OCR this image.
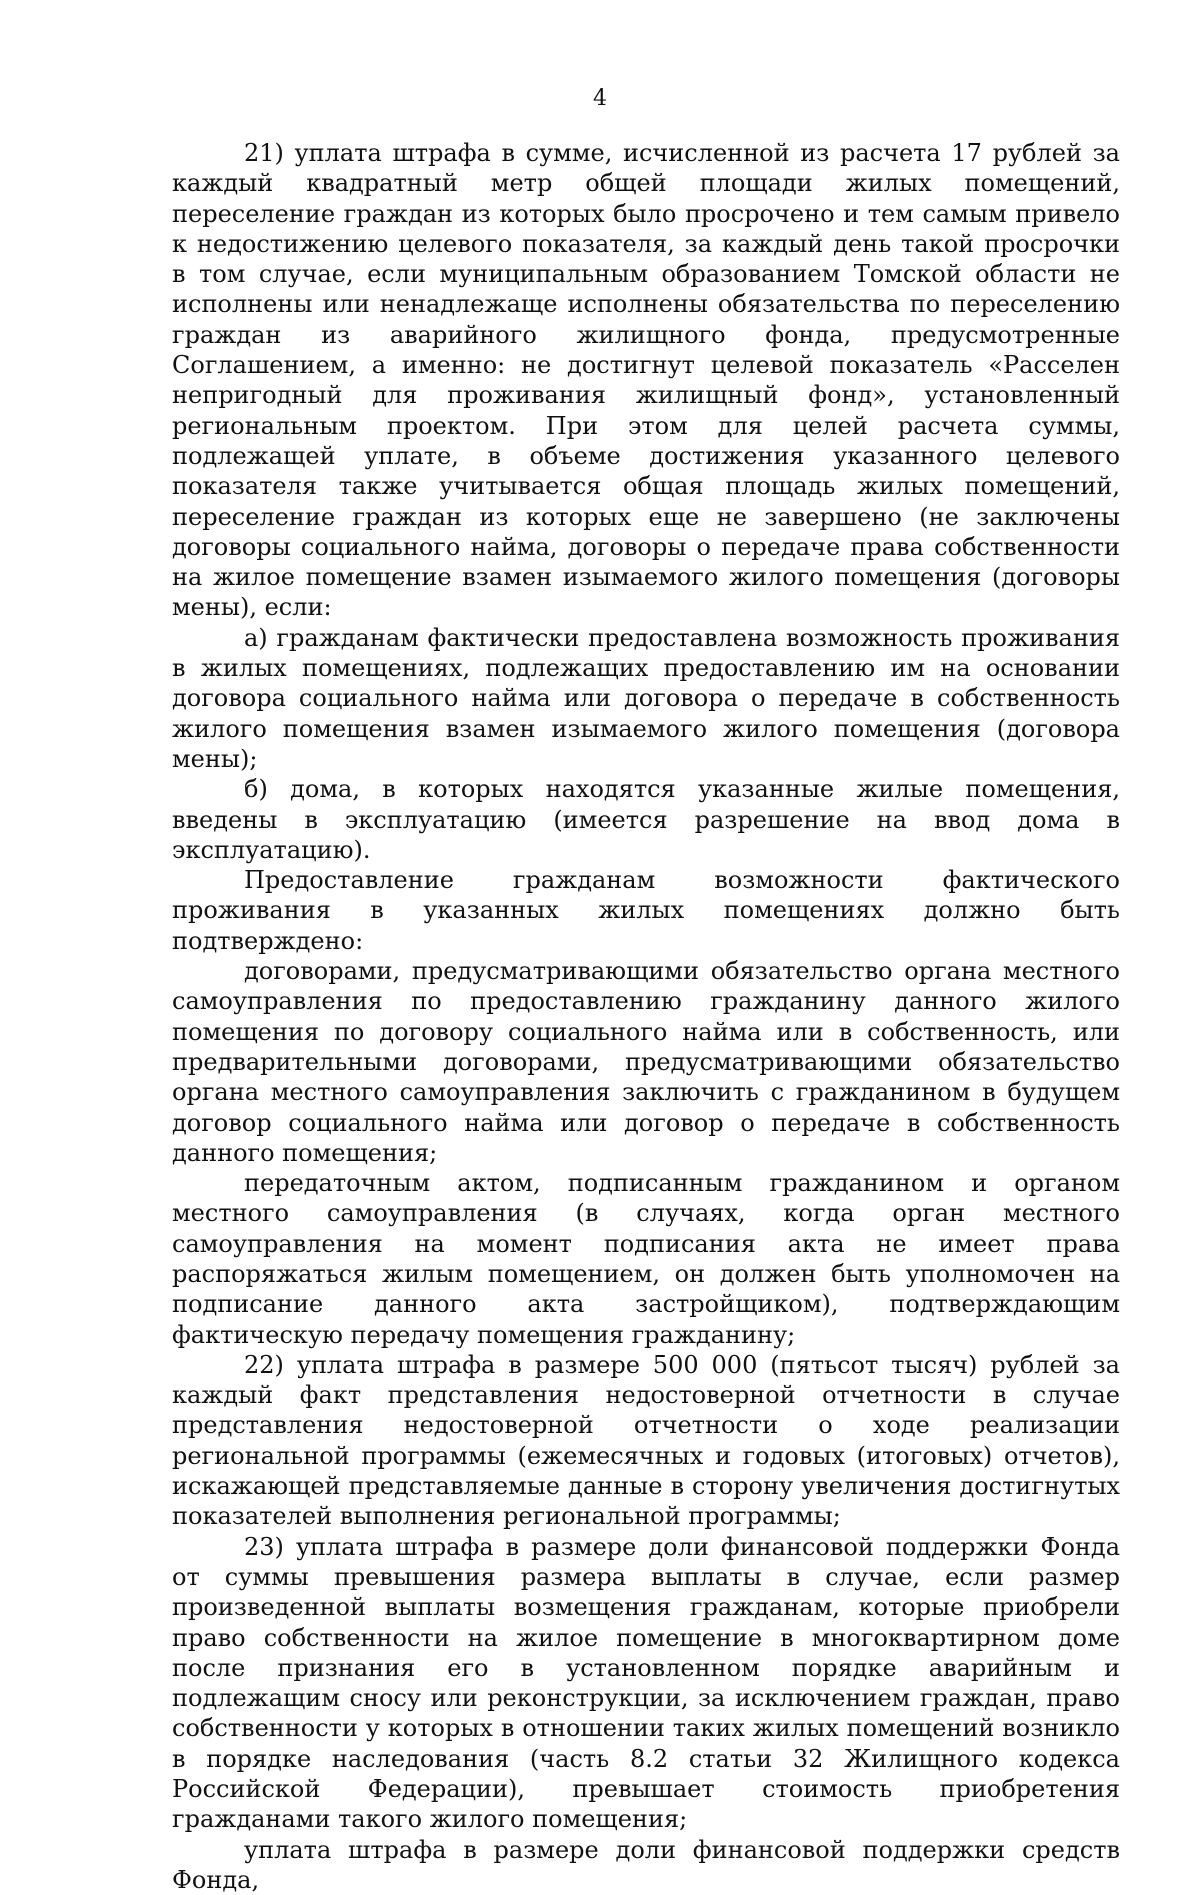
4

21) уплата штрафа в сумме, исчисленной из расчета 17 рублей за каждый квадратный метр общей площади жилых помещений, переселение граждан из которых было просрочено и тем самым привело к недостижению целевого показателя, за каждый день такой просрочки в том случае, если муниципальным образованием Томской области не исполнены или ненадлежаще исполнены обязательства по переселению граждан из аварийного жилищного фонда, предусмотренные Соглашением, а именно: не достигнут целевой показатель «Расселен непригодный для проживания жилищный фонд», установленный региональным проектом. При этом для целей расчета суммы, подлежащей уплате, в объеме достижения указанного целевого показателя также учитывается общая площадь жилых помещений, переселение граждан из которых еще не завершено (не заключены договоры социального найма, договоры о передаче права собственности на жилое помещение взамен изымаемого жилого помещения (договоры мены), если:

а) гражданам фактически предоставлена возможность проживания в жилых помещениях, подлежащих предоставлению им на основании договора социального найма или договора о передаче в собственность жилого помещения взамен изымаемого жилого помещения (договора мены);

б) дома, в которых находятся указанные жилые помещения, введены в эксплуатацию (имеется разрешение на ввод дома в эксплуатацию).

Предоставление гражданам возможности фактического проживания в указанных жилых помещениях должно быть подтверждено:

договорами, предусматривающими обязательство органа местного самоуправления по предоставлению гражданину данного жилого помещения по договору социального найма или в собственность, или предварительными договорами, предусматривающими обязательство органа местного самоуправления заключить с гражданином в будущем договор социального найма или договор о передаче в собственность данного помещения;

передаточным актом, подписанным гражданином и органом местного самоуправления (в случаях, когда орган местного самоуправления на момент подписания акта не имеет права распоряжаться жилым помещением, он должен быть уполномочен на подписание данного акта застройщиком), подтверждающим фактическую передачу помещения гражданину;

22) уплата штрафа в размере 500 000 (пятьсот тысяч) рублей за каждый факт представления недостоверной отчетности в случае представления недостоверной отчетности о ходе реализации региональной программы (ежемесячных и годовых (итоговых) отчетов), искажающей представляемые данные в сторону увеличения достигнутых показателей выполнения региональной программы;

23) уплата штрафа в размере доли финансовой поддержки Фонда от суммы превышения размера выплаты в случае, если размер произведенной выплаты возмещения гражданам, которые приобрели право собственности на жилое помещение в многоквартирном доме после признания его в установленном порядке аварийным и подлежащим сносу или реконструкции, за исключением граждан, право собственности у которых в отношении таких жилых помещений возникло в порядке наследования (часть 8.2 статьи 32 Жилищного кодекса Российской Федерации), превышает стоимость приобретения гражданами такого жилого помещения;

уплата штрафа в размере доли финансовой поддержки средств Фонда,
